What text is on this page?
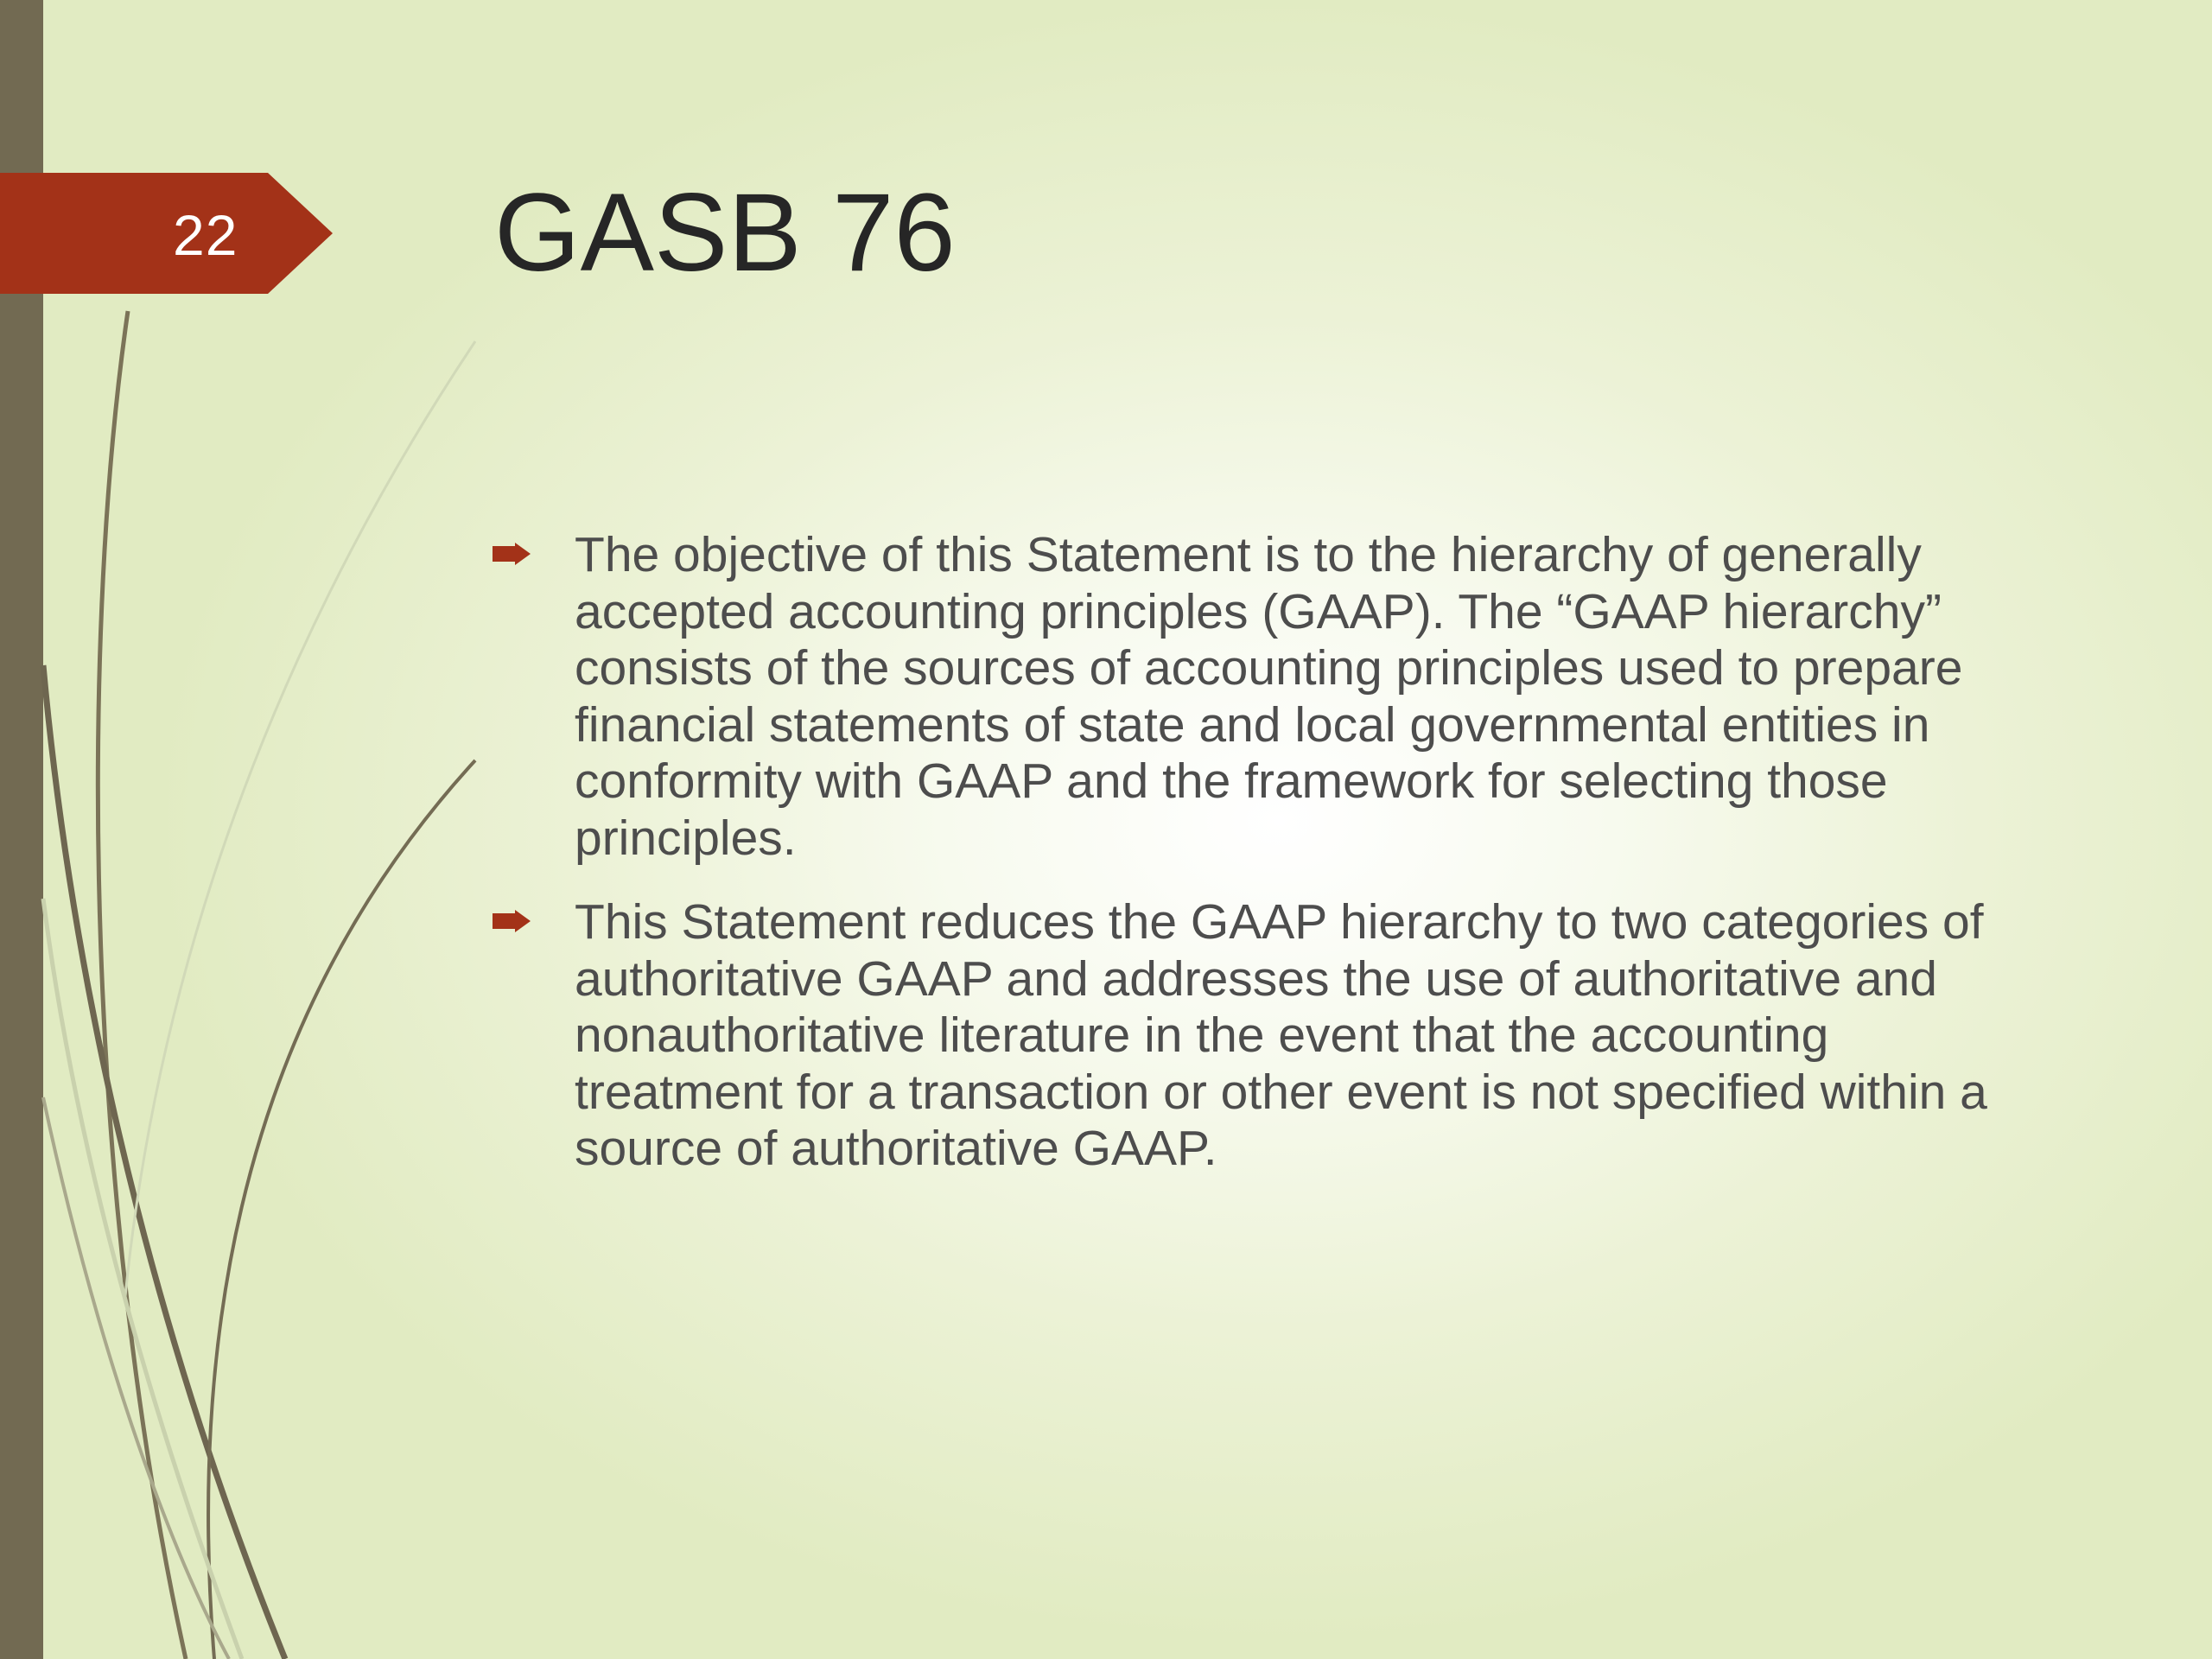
22 GASB 76
The objective of this Statement is to the hierarchy of generally accepted accounting principles (GAAP). The “GAAP hierarchy” consists of the sources of accounting principles used to prepare financial statements of state and local governmental entities in conformity with GAAP and the framework for selecting those principles.
This Statement reduces the GAAP hierarchy to two categories of authoritative GAAP and addresses the use of authoritative and nonauthoritative literature in the event that the accounting treatment for a transaction or other event is not specified within a source of authoritative GAAP.
